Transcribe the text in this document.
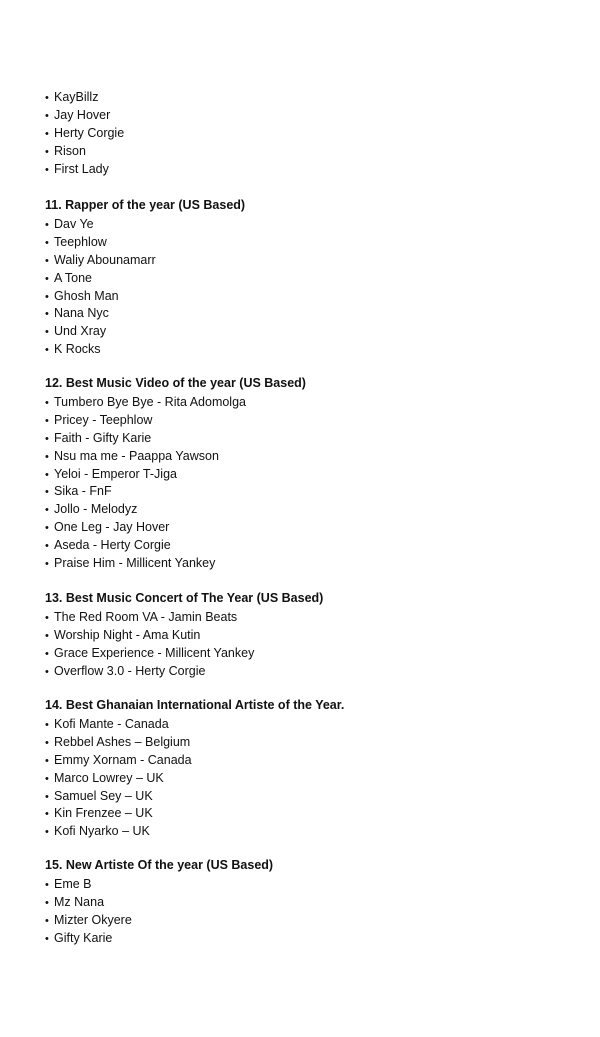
• KayBillz
• Jay Hover
• Herty Corgie
• Rison
• First Lady
11. Rapper of the year (US Based)
• Dav Ye
• Teephlow
• Waliy Abounamarr
• A Tone
• Ghosh Man
• Nana Nyc
• Und Xray
• K Rocks
12. Best Music Video of the year (US Based)
• Tumbero Bye Bye - Rita Adomolga
• Pricey - Teephlow
• Faith - Gifty Karie
• Nsu ma me - Paappa Yawson
• Yeloi - Emperor T-Jiga
• Sika - FnF
• Jollo - Melodyz
• One Leg - Jay Hover
• Aseda - Herty Corgie
• Praise Him - Millicent Yankey
13. Best Music Concert of The Year (US Based)
• The Red Room VA - Jamin Beats
• Worship Night - Ama Kutin
• Grace Experience - Millicent Yankey
• Overflow 3.0 - Herty Corgie
14. Best Ghanaian International Artiste of the Year.
• Kofi Mante - Canada
• Rebbel Ashes – Belgium
• Emmy Xornam - Canada
• Marco Lowrey – UK
• Samuel Sey – UK
• Kin Frenzee – UK
• Kofi Nyarko – UK
15. New Artiste Of the year (US Based)
• Eme B
• Mz Nana
• Mizter Okyere
• Gifty Karie
